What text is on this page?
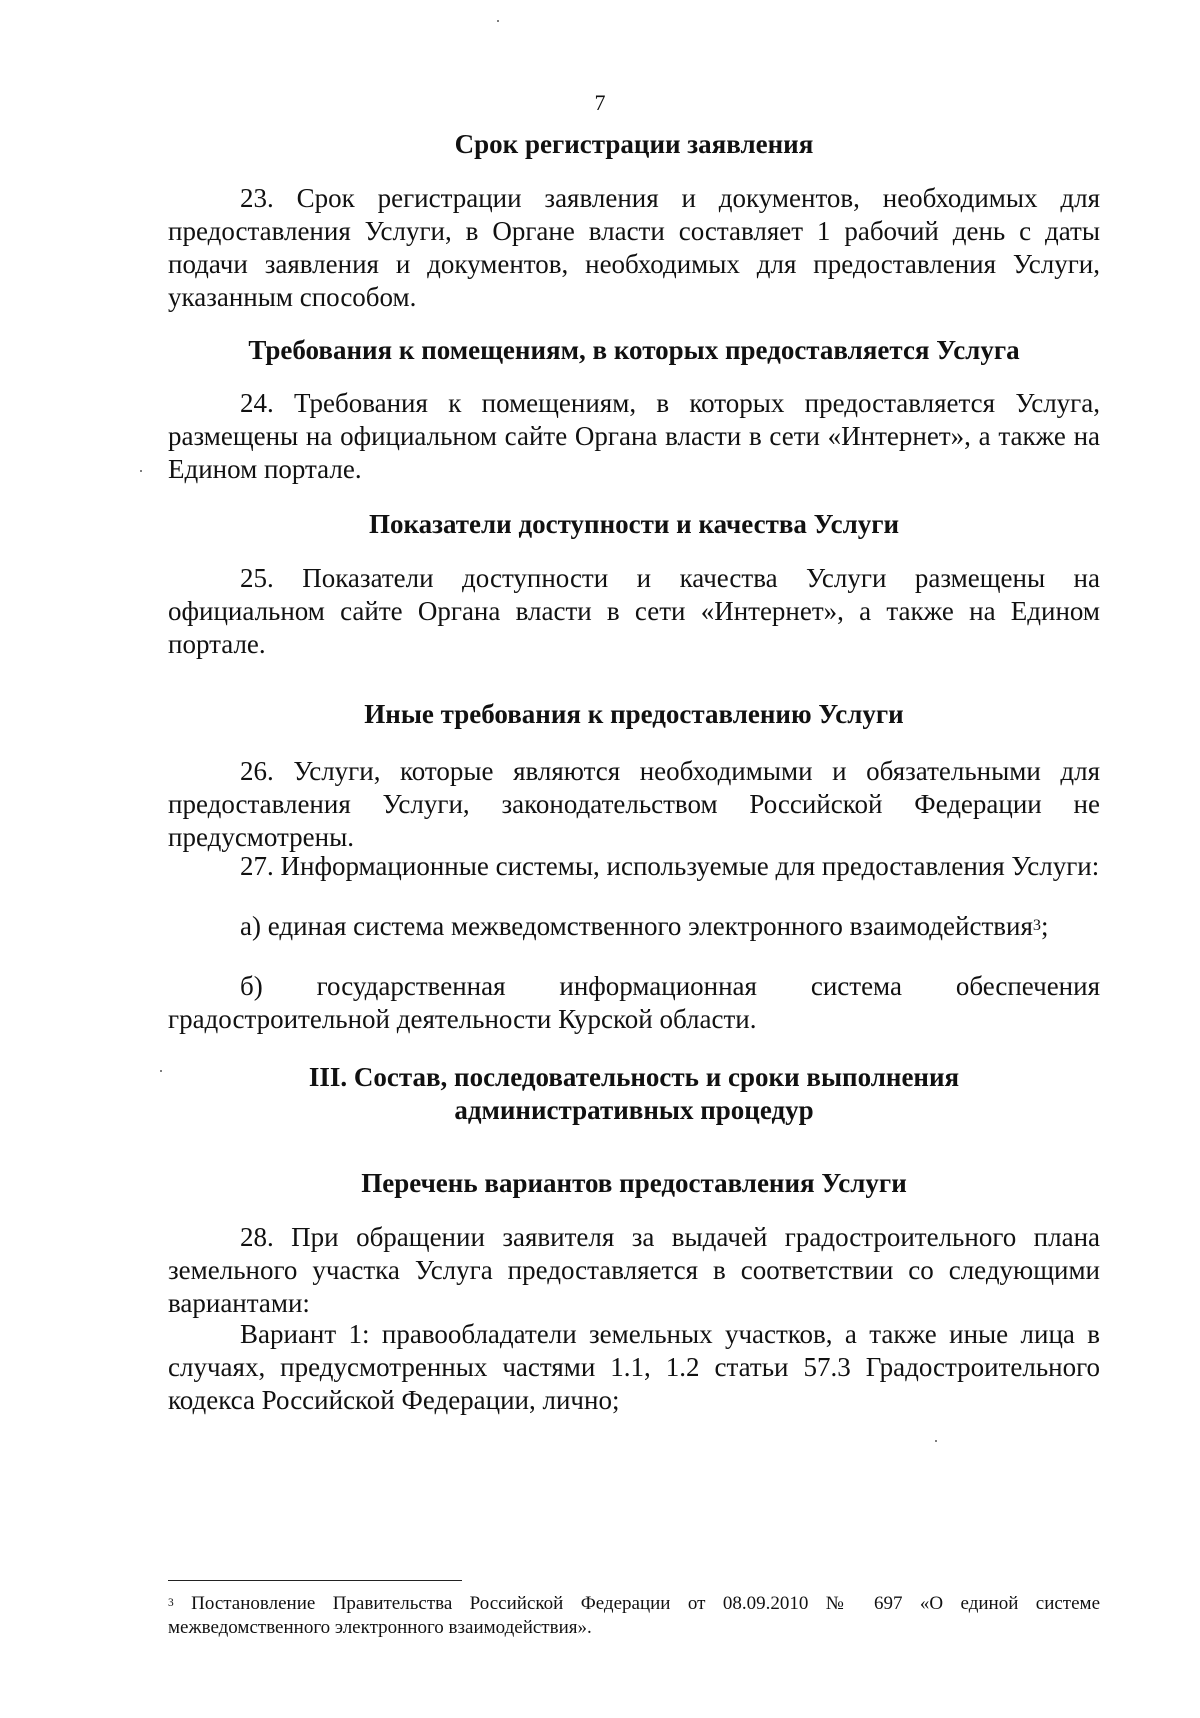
7
Срок регистрации заявления

23. Срок регистрации заявления и документов, необходимых для предоставления Услуги, в Органе власти составляет 1 рабочий день с даты подачи заявления и документов, необходимых для предоставления Услуги, указанным способом.

Требования к помещениям, в которых предоставляется Услуга

24. Требования к помещениям, в которых предоставляется Услуга, размещены на официальном сайте Органа власти в сети «Интернет», а также на Едином портале.

Показатели доступности и качества Услуги

25. Показатели доступности и качества Услуги размещены на официальном сайте Органа власти в сети «Интернет», а также на Едином портале.

Иные требования к предоставлению Услуги

26. Услуги, которые являются необходимыми и обязательными для предоставления Услуги, законодательством Российской Федерации не предусмотрены.

27. Информационные системы, используемые для предоставления Услуги:

а) единая система межведомственного электронного взаимодействия$^3$;

б) государственная информационная система обеспечения градостроительной деятельности Курской области.

III. Состав, последовательность и сроки выполнения
административных процедур
Перечень вариантов предоставления Услуги

28. При обращении заявителя за выдачей градостроительного плана земельного участка Услуга предоставляется в соответствии со следующими вариантами:

Вариант 1: правообладатели земельных участков, а также иные лица в случаях, предусмотренных частями 1.1, 1.2 статьи 57.3 Градостроительного кодекса Российской Федерации, лично;

$^3$ Постановление Правительства Российской Федерации от 08.09.2010 № 697 «О единой системе межведомственного электронного взаимодействия».
